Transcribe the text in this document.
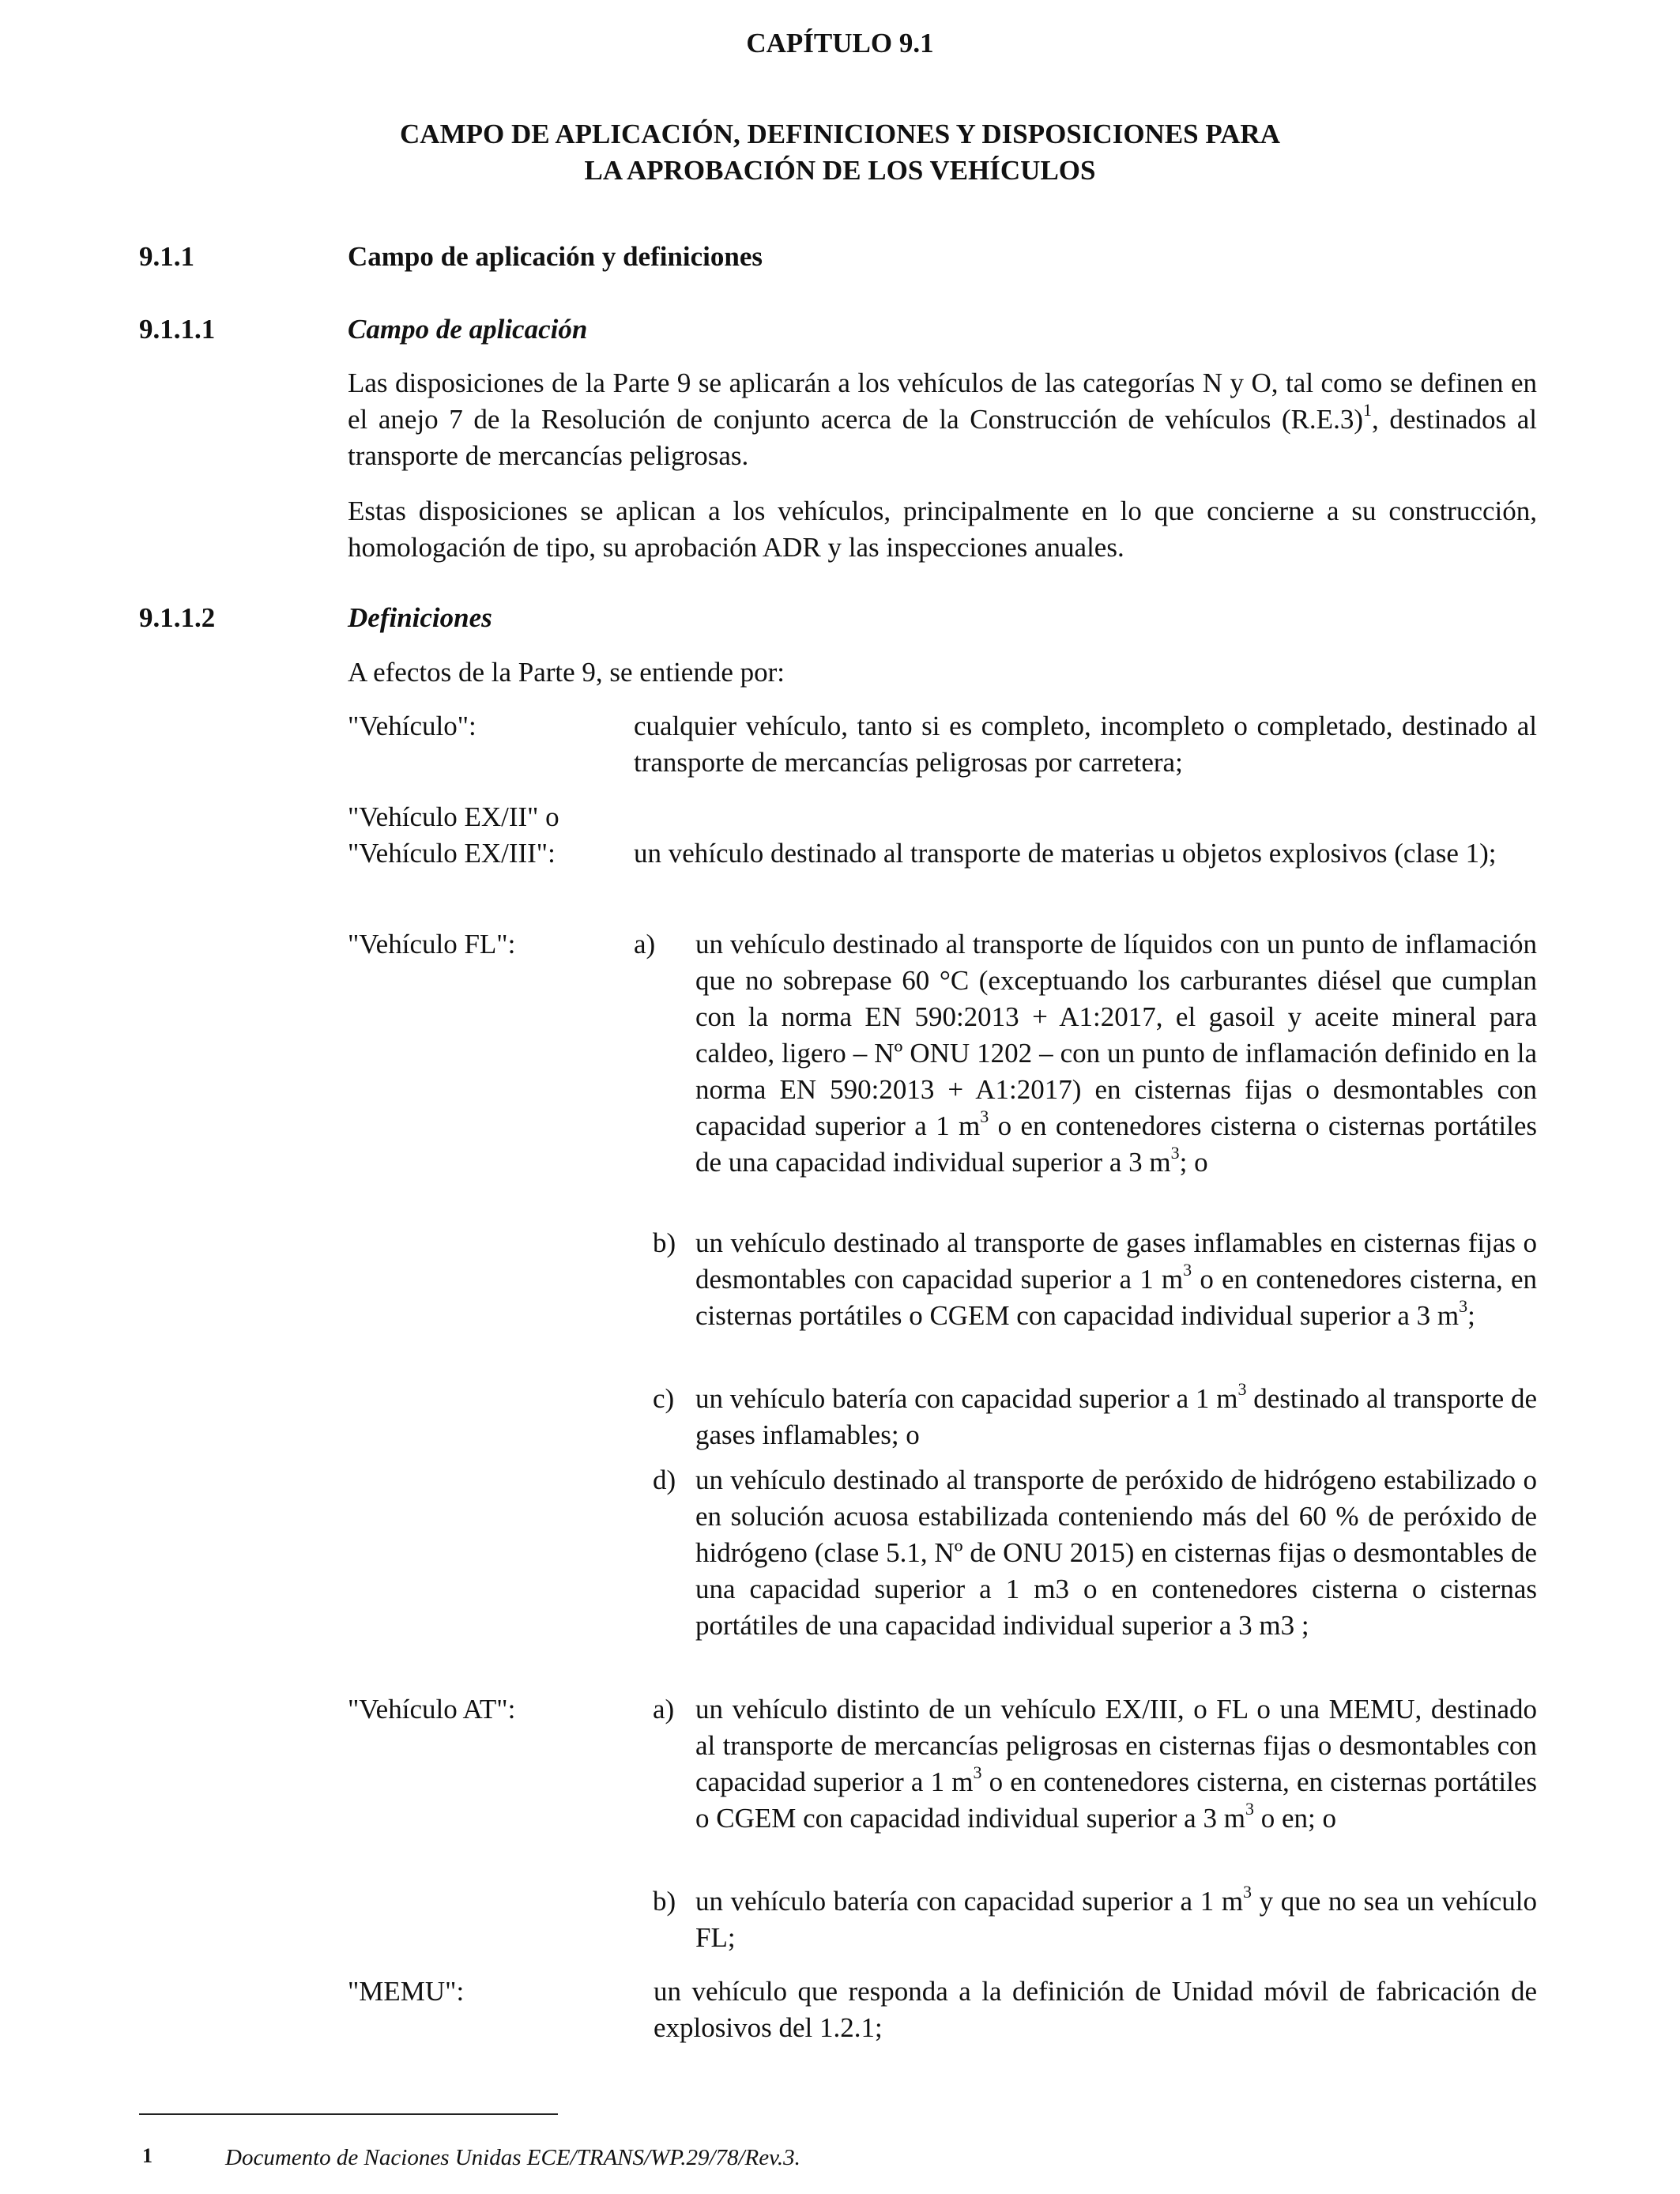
CAPÍTULO 9.1
CAMPO DE APLICACIÓN, DEFINICIONES Y DISPOSICIONES PARA
LA APROBACIÓN DE LOS VEHÍCULOS
9.1.1	Campo de aplicación y definiciones
9.1.1.1	Campo de aplicación

Las disposiciones de la Parte 9 se aplicarán a los vehículos de las categorías N y O, tal como se definen en el anejo 7 de la Resolución de conjunto acerca de la Construcción de vehículos $(R.E.3)^1$, destinados al transporte de mercancías peligrosas.

Estas disposiciones se aplican a los vehículos, principalmente en lo que concierne a su construcción, homologación de tipo, su aprobación ADR y las inspecciones anuales.

9.1.1.2	Definiciones

A efectos de la Parte 9, se entiende por:

"Vehículo":	cualquier vehículo, tanto si es completo, incompleto o completado, destinado al transporte de mercancías peligrosas por carretera;

"Vehículo EX/II" o

"Vehículo EX/III":	un vehículo destinado al transporte de materias u objetos explosivos (clase 1);

"Vehículo FL":	a) un vehículo destinado al transporte de líquidos con un punto de inflamación que no sobrepase 60 °C (exceptuando los carburantes diésel que cumplan con la norma EN 590:2013 + A1:2017, el gasoil y aceite mineral para caldeo, ligero – Nº ONU 1202 – con un punto de inflamación definido en la norma EN 590:2013 + A1:2017) en cisternas fijas o desmontables con capacidad superior a 1 $m^3$ o en contenedores cisterna o cisternas portátiles de una capacidad individual superior a 3 $m^3$; o

b) un vehículo destinado al transporte de gases inflamables en cisternas fijas o desmontables con capacidad superior a 1 $m^3$ o en contenedores cisterna, en cisternas portátiles o CGEM con capacidad individual superior a 3 $m^3$;

c) un vehículo batería con capacidad superior a 1 $m^3$ destinado al transporte de gases inflamables; o

d) un vehículo destinado al transporte de peróxido de hidrógeno estabilizado o en solución acuosa estabilizada conteniendo más del 60 % de peróxido de hidrógeno (clase 5.1, Nº de ONU 2015) en cisternas fijas o desmontables de una capacidad superior a 1 m3 o en contenedores cisterna o cisternas portátiles de una capacidad individual superior a 3 m3 ;

"Vehículo AT":	a) un vehículo distinto de un vehículo EX/III, o FL o una MEMU, destinado al transporte de mercancías peligrosas en cisternas fijas o desmontables con capacidad superior a 1 $m^3$ o en contenedores cisterna, en cisternas portátiles o CGEM con capacidad individual superior a 3 $m^3$ o en; o

b) un vehículo batería con capacidad superior a 1 $m^3$ y que no sea un vehículo FL;

"MEMU":	un vehículo que responda a la definición de Unidad móvil de fabricación de explosivos del 1.2.1;

1	Documento de Naciones Unidas ECE/TRANS/WP.29/78/Rev.3.
